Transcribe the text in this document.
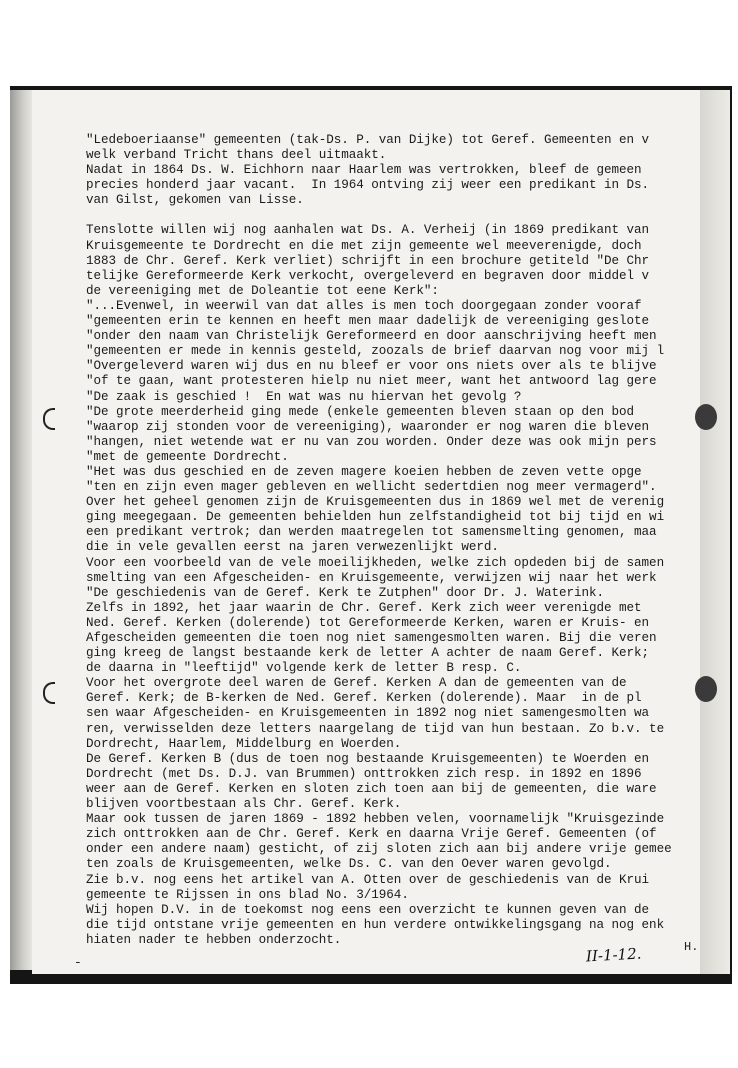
"Ledeboeriaanse" gemeenten (tak-Ds. P. van Dijke) tot Geref. Gemeenten en v
welk verband Tricht thans deel uitmaakt.
Nadat in 1864 Ds. W. Eichhorn naar Haarlem was vertrokken, bleef de gemeen
precies honderd jaar vacant.  In 1964 ontving zij weer een predikant in Ds.
van Gilst, gekomen van Lisse.
Tenslotte willen wij nog aanhalen wat Ds. A. Verheij (in 1869 predikant van
Kruisgemeente te Dordrecht en die met zijn gemeente wel meeverenigde, doch
1883 de Chr. Geref. Kerk verliet) schrijft in een brochure getiteld "De Chr
telijke Gereformeerde Kerk verkocht, overgeleverd en begraven door middel v
de vereeniging met de Doleantie tot eene Kerk":
"...Evenwel, in weerwil van dat alles is men toch doorgegaan zonder vooraf
"gemeenten erin te kennen en heeft men maar dadelijk de vereeniging geslote
"onder den naam van Christelijk Gereformeerd en door aanschrijving heeft men
"gemeenten er mede in kennis gesteld, zoozals de brief daarvan nog voor mij l
"Overgeleverd waren wij dus en nu bleef er voor ons niets over als te blijve
"of te gaan, want protesteren hielp nu niet meer, want het antwoord lag gere
"De zaak is geschied !  En wat was nu hiervan het gevolg ?
"De grote meerderheid ging mede (enkele gemeenten bleven staan op den bod
"waarop zij stonden voor de vereeniging), waaronder er nog waren die bleven
"hangen, niet wetende wat er nu van zou worden. Onder deze was ook mijn pers
"met de gemeente Dordrecht.
"Het was dus geschied en de zeven magere koeien hebben de zeven vette opge
"ten en zijn even mager gebleven en wellicht sedertdien nog meer vermagerd".
Over het geheel genomen zijn de Kruisgemeenten dus in 1869 wel met de verenig
ging meegegaan. De gemeenten behielden hun zelfstandigheid tot bij tijd en wi
een predikant vertrok; dan werden maatregelen tot samensmelting genomen, maa
die in vele gevallen eerst na jaren verwezenlijkt werd.
Voor een voorbeeld van de vele moeilijkheden, welke zich opdeden bij de samen
smelting van een Afgescheiden- en Kruisgemeente, verwijzen wij naar het werk
"De geschiedenis van de Geref. Kerk te Zutphen" door Dr. J. Waterink.
Zelfs in 1892, het jaar waarin de Chr. Geref. Kerk zich weer verenigde met
Ned. Geref. Kerken (dolerende) tot Gereformeerde Kerken, waren er Kruis- en
Afgescheiden gemeenten die toen nog niet samengesmolten waren. Bij die veren
ging kreeg de langst bestaande kerk de letter A achter de naam Geref. Kerk;
de daarna in "leeftijd" volgende kerk de letter B resp. C.
Voor het overgrote deel waren de Geref. Kerken A dan de gemeenten van de
Geref. Kerk; de B-kerken de Ned. Geref. Kerken (dolerende). Maar  in de pl
sen waar Afgescheiden- en Kruisgemeenten in 1892 nog niet samengesmolten wa
ren, verwisselden deze letters naargelang de tijd van hun bestaan. Zo b.v. te
Dordrecht, Haarlem, Middelburg en Woerden.
De Geref. Kerken B (dus de toen nog bestaande Kruisgemeenten) te Woerden en
Dordrecht (met Ds. D.J. van Brummen) onttrokken zich resp. in 1892 en 1896
weer aan de Geref. Kerken en sloten zich toen aan bij de gemeenten, die ware
blijven voortbestaan als Chr. Geref. Kerk.
Maar ook tussen de jaren 1869 - 1892 hebben velen, voornamelijk "Kruisgezinde
zich onttrokken aan de Chr. Geref. Kerk en daarna Vrije Geref. Gemeenten (of
onder een andere naam) gesticht, of zij sloten zich aan bij andere vrije gemee
ten zoals de Kruisgemeenten, welke Ds. C. van den Oever waren gevolgd.
Zie b.v. nog eens het artikel van A. Otten over de geschiedenis van de Krui
gemeente te Rijssen in ons blad No. 3/1964.
Wij hopen D.V. in de toekomst nog eens een overzicht te kunnen geven van de
die tijd ontstane vrije gemeenten en hun verdere ontwikkelingsgang na nog enk
hiaten nader te hebben onderzocht.
-	II-1-12.	H.
